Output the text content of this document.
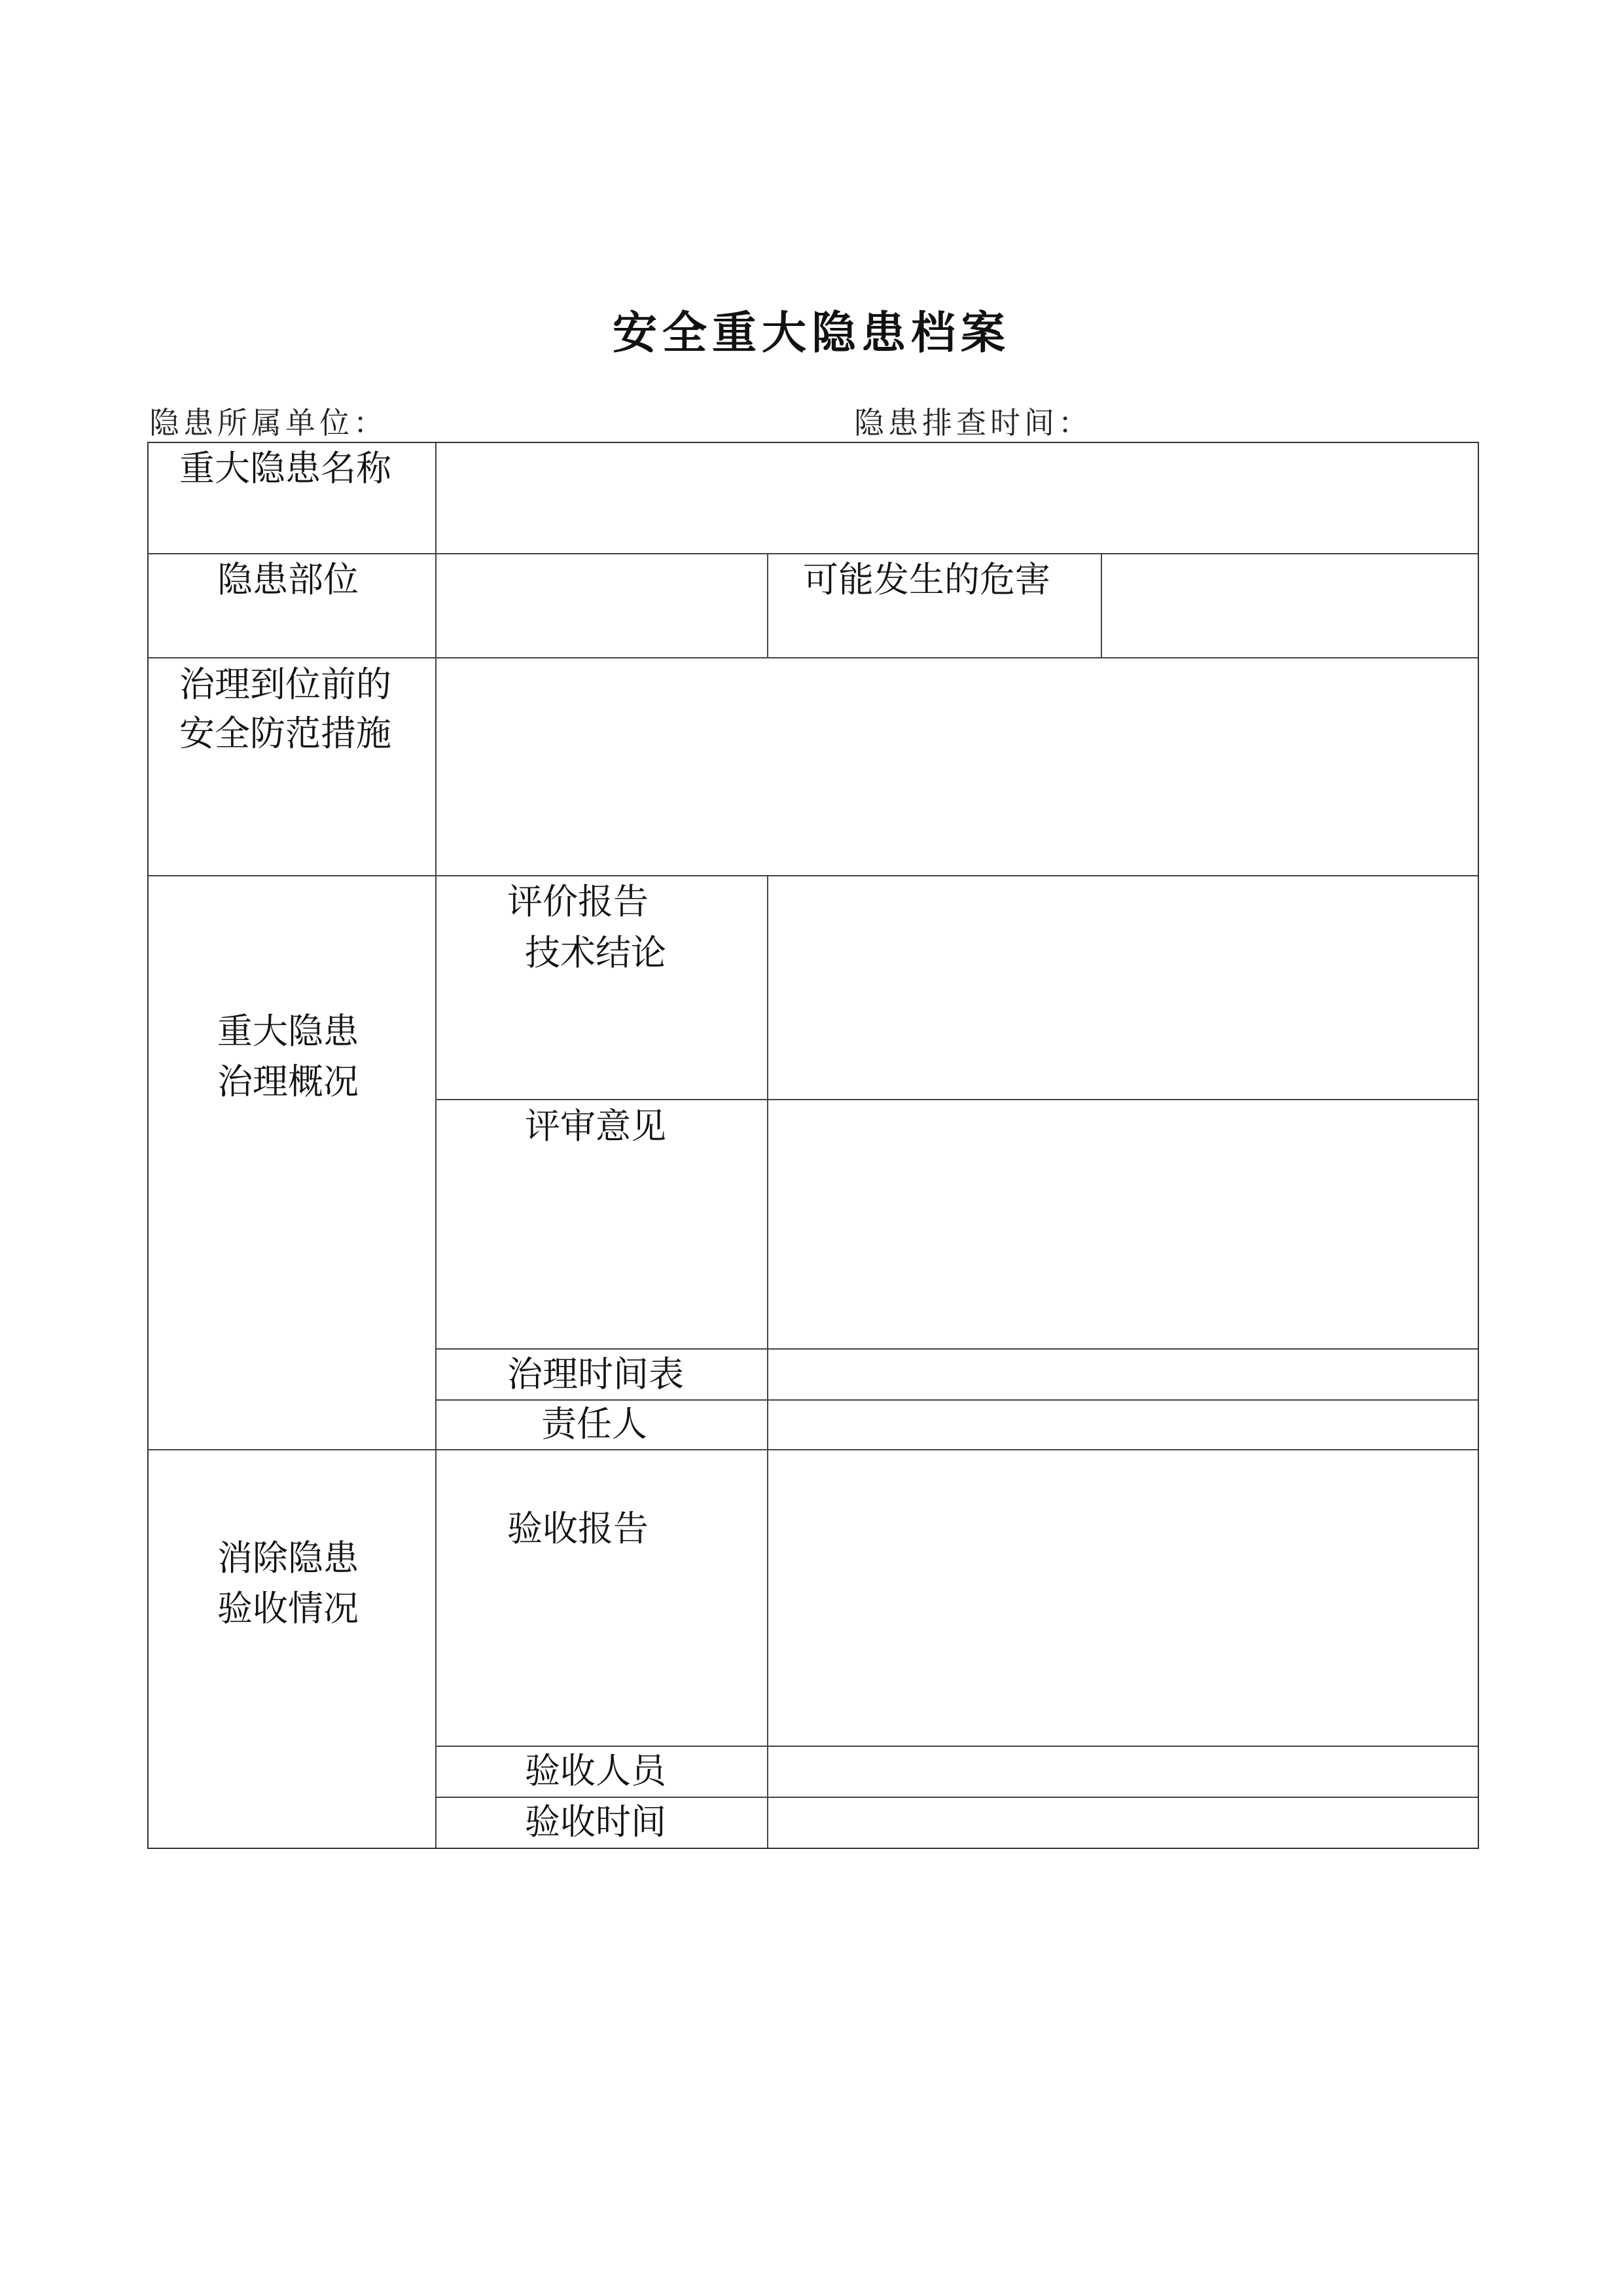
安全重大隐患档案
隐患所属单位：	隐患排查时间：
重大隐患名称
隐患部位	可能发生的危害
治理到位前的
安全防范措施
重大隐患
治理概况
评价报告
技术结论
评审意见
治理时间表
责任人
消除隐患
验收情况
验收报告
验收人员
验收时间
